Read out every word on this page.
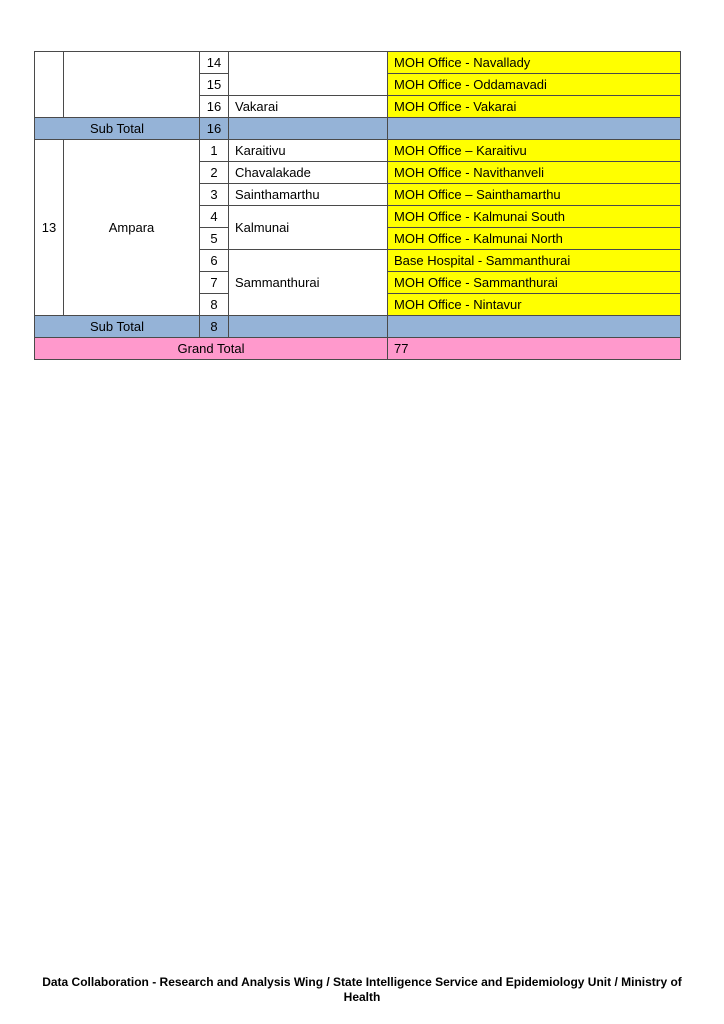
		14		MOH Office - Navallady
		15		MOH Office - Oddamavadi
		16	Vakarai	MOH Office - Vakarai
Sub Total		16		
13	Ampara	1	Karaitivu	MOH Office – Karaitivu
		2	Chavalakade	MOH Office - Navithanveli
		3	Sainthamarthu	MOH Office – Sainthamarthu
		4	Kalmunai	MOH Office - Kalmunai South
		5		MOH Office - Kalmunai North
		6	Sammanthurai	Base Hospital - Sammanthurai
		7		MOH Office - Sammanthurai
		8		MOH Office - Nintavur
Sub Total		8		
Grand Total				77
Data Collaboration - Research and Analysis Wing / State Intelligence Service and Epidemiology Unit / Ministry of
Health
